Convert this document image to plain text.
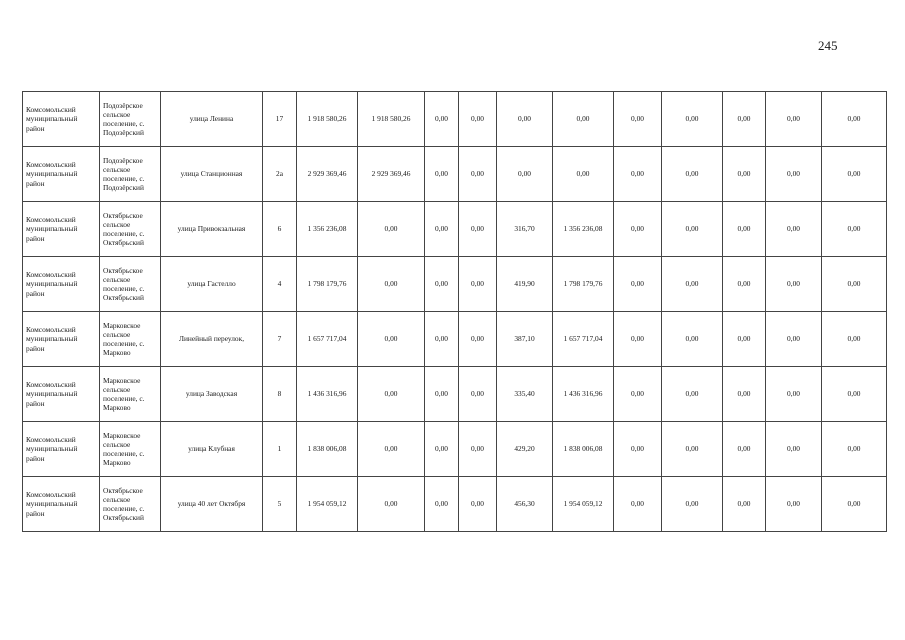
245
Комсомольский муниципальный район	Подозёрское сельское поселение, с. Подозёрский	улица Ленина	17	1 918 580,26	1 918 580,26	0,00	0,00	0,00	0,00	0,00	0,00	0,00	0,00	0,00
Комсомольский муниципальный район	Подозёрское сельское поселение, с. Подозёрский	улица Станционная	2а	2 929 369,46	2 929 369,46	0,00	0,00	0,00	0,00	0,00	0,00	0,00	0,00	0,00
Комсомольский муниципальный район	Октябрьское сельское поселение, с. Октябрьский	улица Привокзальная	6	1 356 236,08	0,00	0,00	0,00	316,70	1 356 236,08	0,00	0,00	0,00	0,00	0,00
Комсомольский муниципальный район	Октябрьское сельское поселение, с. Октябрьский	улица Гастелло	4	1 798 179,76	0,00	0,00	0,00	419,90	1 798 179,76	0,00	0,00	0,00	0,00	0,00
Комсомольский муниципальный район	Марковское сельское поселение, с. Марково	Линейный переулок,	7	1 657 717,04	0,00	0,00	0,00	387,10	1 657 717,04	0,00	0,00	0,00	0,00	0,00
Комсомольский муниципальный район	Марковское сельское поселение, с. Марково	улица Заводская	8	1 436 316,96	0,00	0,00	0,00	335,40	1 436 316,96	0,00	0,00	0,00	0,00	0,00
Комсомольский муниципальный район	Марковское сельское поселение, с. Марково	улица Клубная	1	1 838 006,08	0,00	0,00	0,00	429,20	1 838 006,08	0,00	0,00	0,00	0,00	0,00
Комсомольский муниципальный район	Октябрьское сельское поселение, с. Октябрьский	улица 40 лет Октября	5	1 954 059,12	0,00	0,00	0,00	456,30	1 954 059,12	0,00	0,00	0,00	0,00	0,00
